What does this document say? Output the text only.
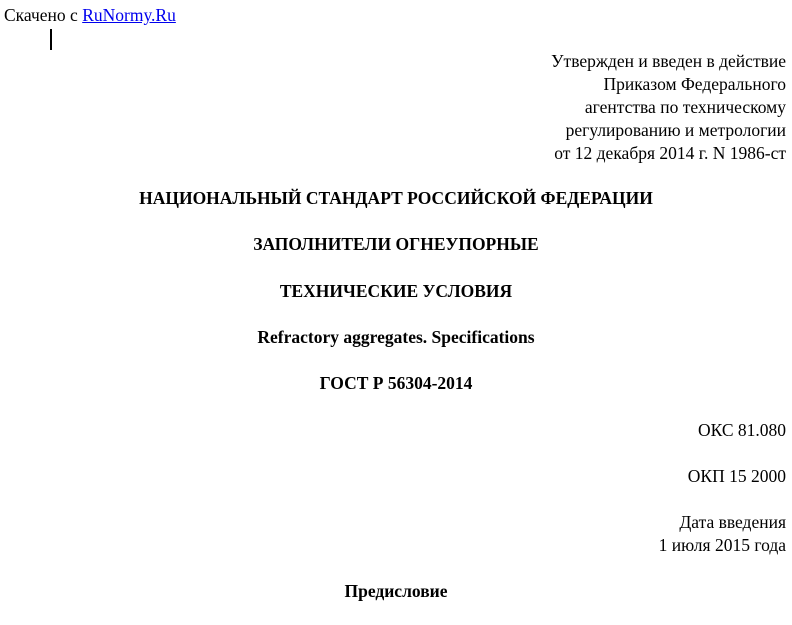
Скачено с RuNormy.Ru
Утвержден и введен в действие
Приказом Федерального
агентства по техническому
регулированию и метрологии
от 12 декабря 2014 г. N 1986-ст
НАЦИОНАЛЬНЫЙ СТАНДАРТ РОССИЙСКОЙ ФЕДЕРАЦИИ
ЗАПОЛНИТЕЛИ ОГНЕУПОРНЫЕ
ТЕХНИЧЕСКИЕ УСЛОВИЯ
Refractory aggregates. Specifications
ГОСТ Р 56304-2014
ОКС 81.080
ОКП 15 2000
Дата введения
1 июля 2015 года
Предисловие
